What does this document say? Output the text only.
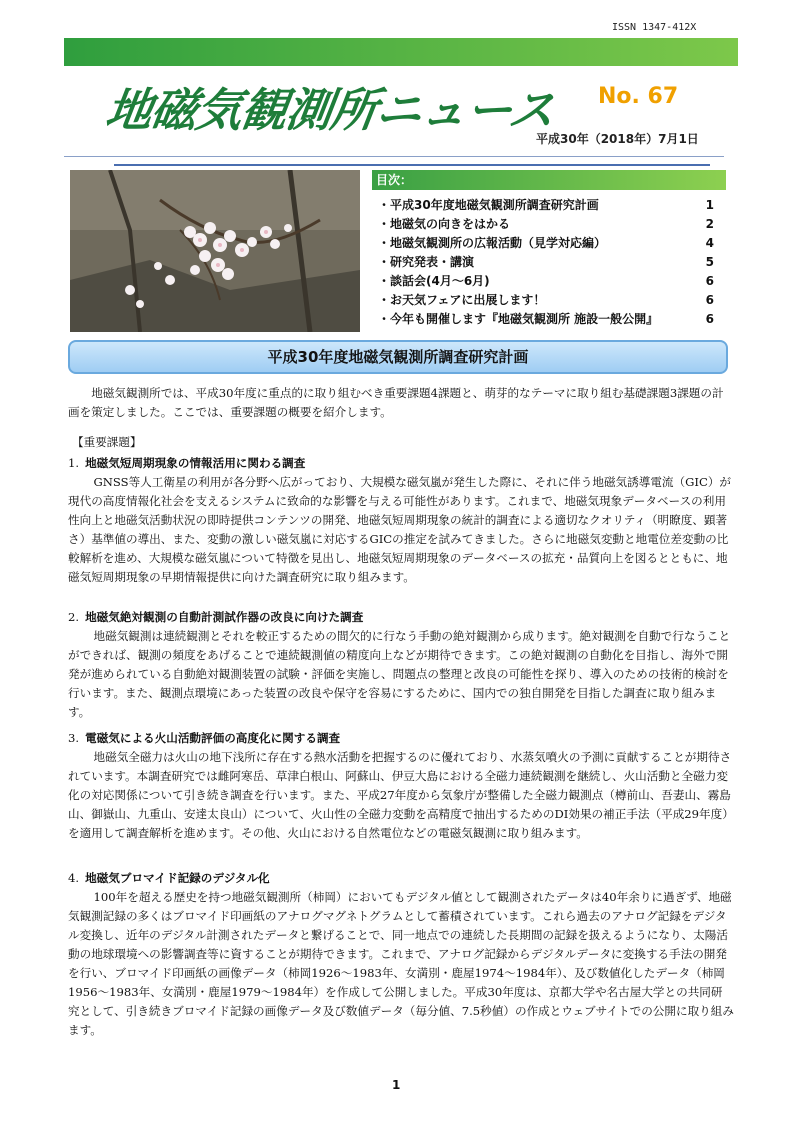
ISSN 1347-412X
地磁気観測所ニュース No. 67
平成30年（2018年）7月1日
目次：
・平成30年度地磁気観測所調査研究計画	1
・地磁気の向きをはかる	2
・地磁気観測所の広報活動（見学対応編）	4
・研究発表・講演	5
・談話会(4月～6月)	6
・お天気フェアに出展します！	6
・今年も開催します『地磁気観測所 施設一般公開』	6
平成30年度地磁気観測所調査研究計画

地磁気観測所では、平成30年度に重点的に取り組むべき重要課題4課題と、萌芽的なテーマに取り組む基礎課題3課題の計画を策定しました。ここでは、重要課題の概要を紹介します。

【重要課題】

1. 地磁気短周期現象の情報活用に関わる調査

GNSS等人工衛星の利用が各分野へ広がっており、大規模な磁気嵐が発生した際に、それに伴う地磁気誘導電流（GIC）が現代の高度情報化社会を支えるシステムに致命的な影響を与える可能性があります。これまで、地磁気現象データベースの利用性向上と地磁気活動状況の即時提供コンテンツの開発、地磁気短周期現象の統計的調査による適切なクオリティ（明瞭度、顕著さ）基準値の導出、また、変動の激しい磁気嵐に対応するGICの推定を試みてきました。さらに地磁気変動と地電位差変動の比較解析を進め、大規模な磁気嵐について特徴を見出し、地磁気短周期現象のデータベースの拡充・品質向上を図るとともに、地磁気短周期現象の早期情報提供に向けた調査研究に取り組みます。

2. 地磁気絶対観測の自動計測試作器の改良に向けた調査

地磁気観測は連続観測とそれを較正するための間欠的に行なう手動の絶対観測から成ります。絶対観測を自動で行なうことができれば、観測の頻度をあげることで連続観測値の精度向上などが期待できます。この絶対観測の自動化を目指し、海外で開発が進められている自動絶対観測装置の試験・評価を実施し、問題点の整理と改良の可能性を探り、導入のための技術的検討を行います。また、観測点環境にあった装置の改良や保守を容易にするために、国内での独自開発を目指した調査に取り組みます。

3. 電磁気による火山活動評価の高度化に関する調査

地磁気全磁力は火山の地下浅所に存在する熱水活動を把握するのに優れており、水蒸気噴火の予測に貢献することが期待されています。本調査研究では雌阿寒岳、草津白根山、阿蘇山、伊豆大島における全磁力連続観測を継続し、火山活動と全磁力変化の対応関係について引き続き調査を行います。また、平成27年度から気象庁が整備した全磁力観測点（樽前山、吾妻山、霧島山、御嶽山、九重山、安達太良山）について、火山性の全磁力変動を高精度で抽出するためのDI効果の補正手法（平成29年度）を適用して調査解析を進めます。その他、火山における自然電位などの電磁気観測に取り組みます。

4. 地磁気ブロマイド記録のデジタル化

100年を超える歴史を持つ地磁気観測所（柿岡）においてもデジタル値として観測されたデータは40年余りに過ぎず、地磁気観測記録の多くはブロマイド印画紙のアナログマグネトグラムとして蓄積されています。これら過去のアナログ記録をデジタル変換し、近年のデジタル計測されたデータと繋げることで、同一地点での連続した長期間の記録を扱えるようになり、太陽活動の地球環境への影響調査等に資することが期待できます。これまで、アナログ記録からデジタルデータに変換する手法の開発を行い、ブロマイド印画紙の画像データ（柿岡1926～1983年、女満別・鹿屋1974～1984年）、及び数値化したデータ（柿岡1956～1983年、女満別・鹿屋1979～1984年）を作成して公開しました。平成30年度は、京都大学や名古屋大学との共同研究として、引き続きブロマイド記録の画像データ及び数値データ（毎分値、7.5秒値）の作成とウェブサイトでの公開に取り組みます。

1
